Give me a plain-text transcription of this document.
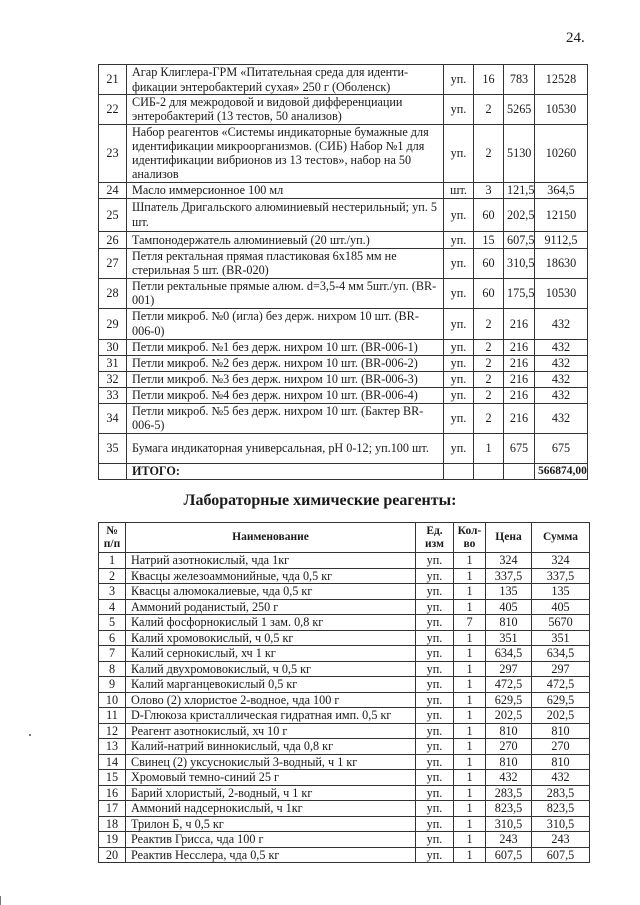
24.
21	Агар Клиглера-ГРМ «Питательная среда для иденти-фикации энтеробактерий сухая» 250 г (Оболенск)	уп.	16	783	12528
22	СИБ-2 для межродовой и видовой дифференциации энтеробактерий (13 тестов, 50 анализов)	уп.	2	5265	10530
23	Набор реагентов «Системы индикаторные бумажные для идентификации микроорганизмов. (СИБ) Набор №1 для идентификации вибрионов из 13 тестов», набор на 50 анализов	уп.	2	5130	10260
24	Масло иммерсионное 100 мл	шт.	3	121,5	364,5
25	Шпатель Дригальского алюминиевый нестерильный; уп. 5 шт.	уп.	60	202,5	12150
26	Тампонодержатель алюминиевый (20 шт./уп.)	уп.	15	607,5	9112,5
27	Петля ректальная прямая пластиковая 6х185 мм не стерильная 5 шт. (BR-020)	уп.	60	310,5	18630
28	Петли ректальные прямые алюм. d=3,5-4 мм 5шт./уп. (BR-001)	уп.	60	175,5	10530
29	Петли микроб. №0 (игла) без держ. нихром 10 шт. (BR-006-0)	уп.	2	216	432
30	Петли микроб. №1 без держ. нихром 10 шт. (BR-006-1)	уп.	2	216	432
31	Петли микроб. №2 без держ. нихром 10 шт. (BR-006-2)	уп.	2	216	432
32	Петли микроб. №3 без держ. нихром 10 шт. (BR-006-3)	уп.	2	216	432
33	Петли микроб. №4 без держ. нихром 10 шт. (BR-006-4)	уп.	2	216	432
34	Петли микроб. №5 без держ. нихром 10 шт. (Бактер BR-006-5)	уп.	2	216	432
35	Бумага индикаторная универсальная, pH 0-12; уп.100 шт.	уп.	1	675	675
	ИТОГО:				566874,00
Лабораторные химические реагенты:
№ п/п	Наименование	Ед. изм	Кол-во	Цена	Сумма
1	Натрий азотнокислый, чда 1кг	уп.	1	324	324
2	Квасцы железоаммонийные, чда 0,5 кг	уп.	1	337,5	337,5
3	Квасцы алюмокалиевые, чда 0,5 кг	уп.	1	135	135
4	Аммоний роданистый, 250 г	уп.	1	405	405
5	Калий фосфорнокислый 1 зам. 0,8 кг	уп.	7	810	5670
6	Калий хромовокислый, ч 0,5 кг	уп.	1	351	351
7	Калий сернокислый, хч 1 кг	уп.	1	634,5	634,5
8	Калий двухромовокислый, ч 0,5 кг	уп.	1	297	297
9	Калий марганцевокислый 0,5 кг	уп.	1	472,5	472,5
10	Олово (2) хлористое 2-водное, чда 100 г	уп.	1	629,5	629,5
11	D-Глюкоза кристаллическая гидратная имп. 0,5 кг	уп.	1	202,5	202,5
12	Реагент азотнокислый, хч 10 г	уп.	1	810	810
13	Калий-натрий виннокислый, чда 0,8 кг	уп.	1	270	270
14	Свинец (2) уксуснокислый 3-водный, ч 1 кг	уп.	1	810	810
15	Хромовый темно-синий 25 г	уп.	1	432	432
16	Барий хлористый, 2-водный, ч 1 кг	уп.	1	283,5	283,5
17	Аммоний надсернокислый, ч 1кг	уп.	1	823,5	823,5
18	Трилон Б, ч 0,5 кг	уп.	1	310,5	310,5
19	Реактив Грисса, чда 100 г	уп.	1	243	243
20	Реактив Несслера, чда 0,5 кг	уп.	1	607,5	607,5
